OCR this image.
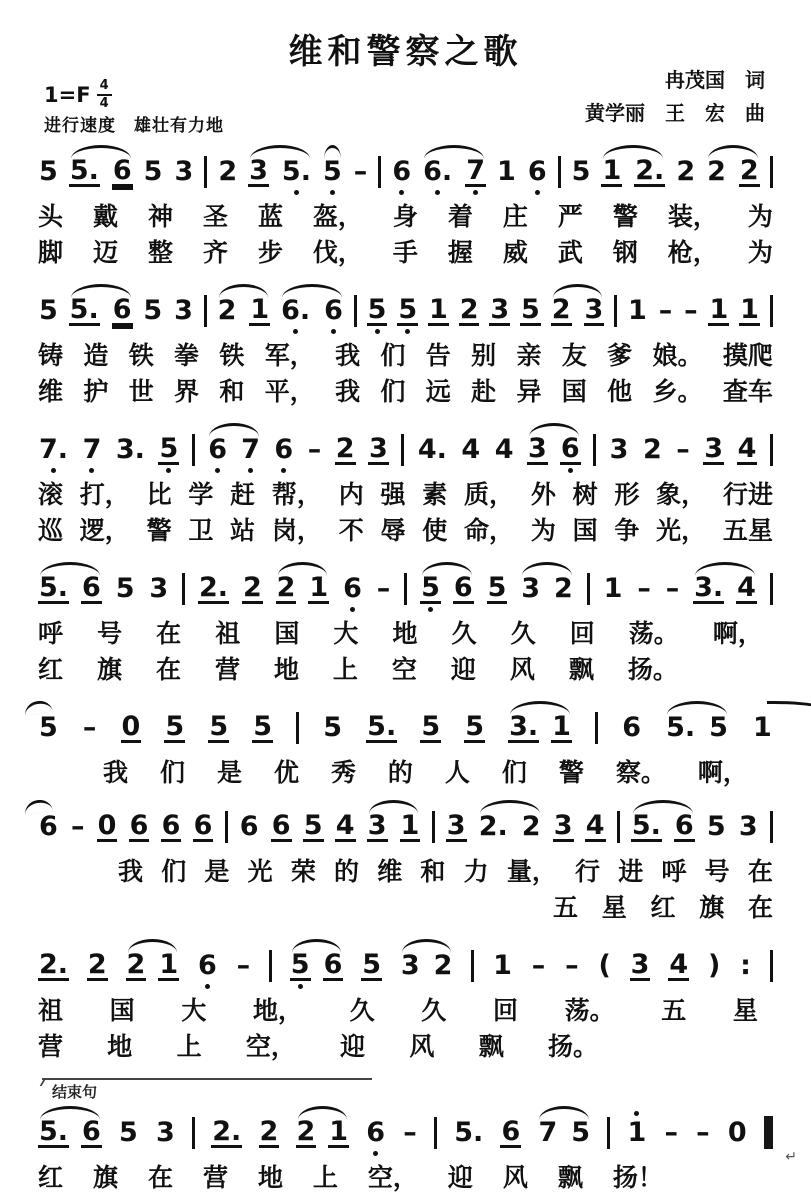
维和警察之歌
$1=F \frac{4}{4}$
进行速度　雄壮有力地
冉茂国　词
黄学丽　王　宏　曲
5 5. 6 5 3 2 3 5. 5 – 6 6. 7 1 6 5 1 2. 2 2 2
头 戴 神 圣 蓝 盔， 身 着 庄 严 警 装， 为
脚 迈 整 齐 步 伐， 手 握 威 武 钢 枪， 为
5 5. 6 5 3 2 1 6. 6 5 5 1 2 3 5 2 3 1 – – 1 1
铸 造 铁 拳 铁 军， 我 们 告 别 亲 友 爹 娘。 摸爬
维 护 世 界 和 平， 我 们 远 赴 异 国 他 乡。 查车
7. 7 3. 5 6 7 6 – 2 3 4. 4 4 3 6 3 2 – 3 4
滚 打， 比 学 赶 帮， 内 强 素 质， 外 树 形 象， 行进
巡 逻， 警 卫 站 岗， 不 辱 使 命， 为 国 争 光， 五星
5. 6 5 3 2. 2 2 1 6 – 5 6 5 3 2 1 – – 3. 4
呼 号 在 祖 国 大 地 久 久 回 荡。 啊，
红 旗 在 营 地 上 空 迎 风 飘 扬。
5 – 0 5 5 5 5 5. 5 5 3. 1 6 5. 5 1
我 们 是 优 秀 的 人 们 警 察。 啊，
6 – 0 6 6 6 6 6 5 4 3 1 3 2. 2 3 4 5. 6 5 3
我 们 是 光 荣 的 维 和 力 量， 行 进 呼 号 在
五 星 红 旗 在
2. 2 2 1 6 – 5 6 5 3 2 1 – – ( 3 4 ) :
祖 国 大 地， 久 久 回 荡。 五 星
营 地 上 空， 迎 风 飘 扬。
结束句
5. 6 5 3 2. 2 2 1 6 – 5. 6 7 5 1 – – 0
红 旗 在 营 地 上 空， 迎 风 飘 扬！
↵
